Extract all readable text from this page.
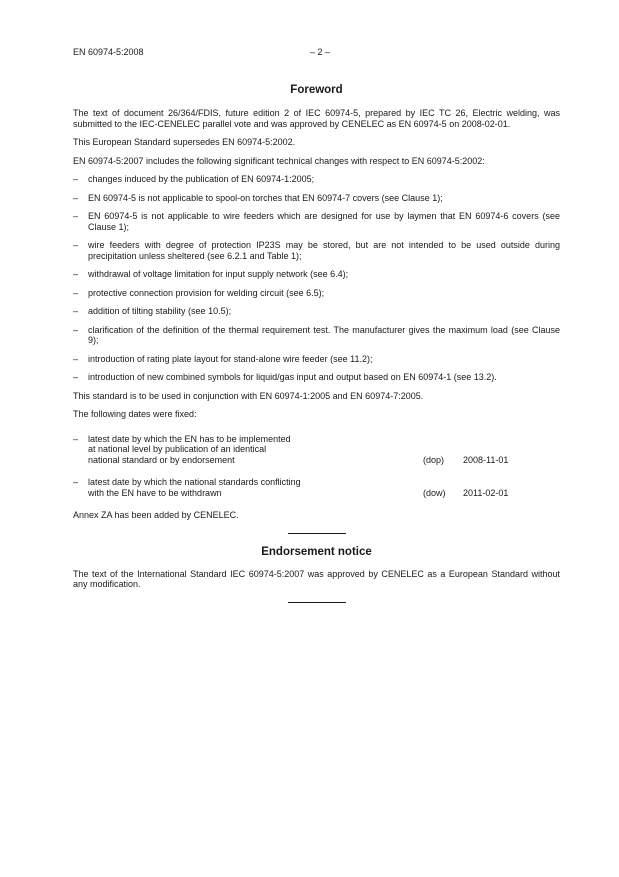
EN 60974-5:2008	– 2 –
Foreword

The text of document 26/364/FDIS, future edition 2 of IEC 60974-5, prepared by IEC TC 26, Electric welding, was submitted to the IEC-CENELEC parallel vote and was approved by CENELEC as EN 60974-5 on 2008-02-01.

This European Standard supersedes EN 60974-5:2002.

EN 60974-5:2007 includes the following significant technical changes with respect to EN 60974-5:2002:

–	changes induced by the publication of EN 60974-1:2005;
–	EN 60974-5 is not applicable to spool-on torches that EN 60974-7 covers (see Clause 1);
–	EN 60974-5 is not applicable to wire feeders which are designed for use by laymen that EN 60974-6 covers (see Clause 1);
–	wire feeders with degree of protection IP23S may be stored, but are not intended to be used outside during precipitation unless sheltered (see 6.2.1 and Table 1);
–	withdrawal of voltage limitation for input supply network (see 6.4);
–	protective connection provision for welding circuit (see 6.5);
–	addition of tilting stability (see 10.5);
–	clarification of the definition of the thermal requirement test. The manufacturer gives the maximum load (see Clause 9);
–	introduction of rating plate layout for stand-alone wire feeder (see 11.2);
–	introduction of new combined symbols for liquid/gas input and output based on EN 60974-1 (see 13.2).

This standard is to be used in conjunction with EN 60974-1:2005 and EN 60974-7:2005.

The following dates were fixed:

–	latest date by which the EN has to be implemented
at national level by publication of an identical
national standard or by endorsement	(dop)	2008-11-01
–	latest date by which the national standards conflicting
with the EN have to be withdrawn	(dow)	2011-02-01

Annex ZA has been added by CENELEC.

Endorsement notice

The text of the International Standard IEC 60974-5:2007 was approved by CENELEC as a European Standard without any modification.
